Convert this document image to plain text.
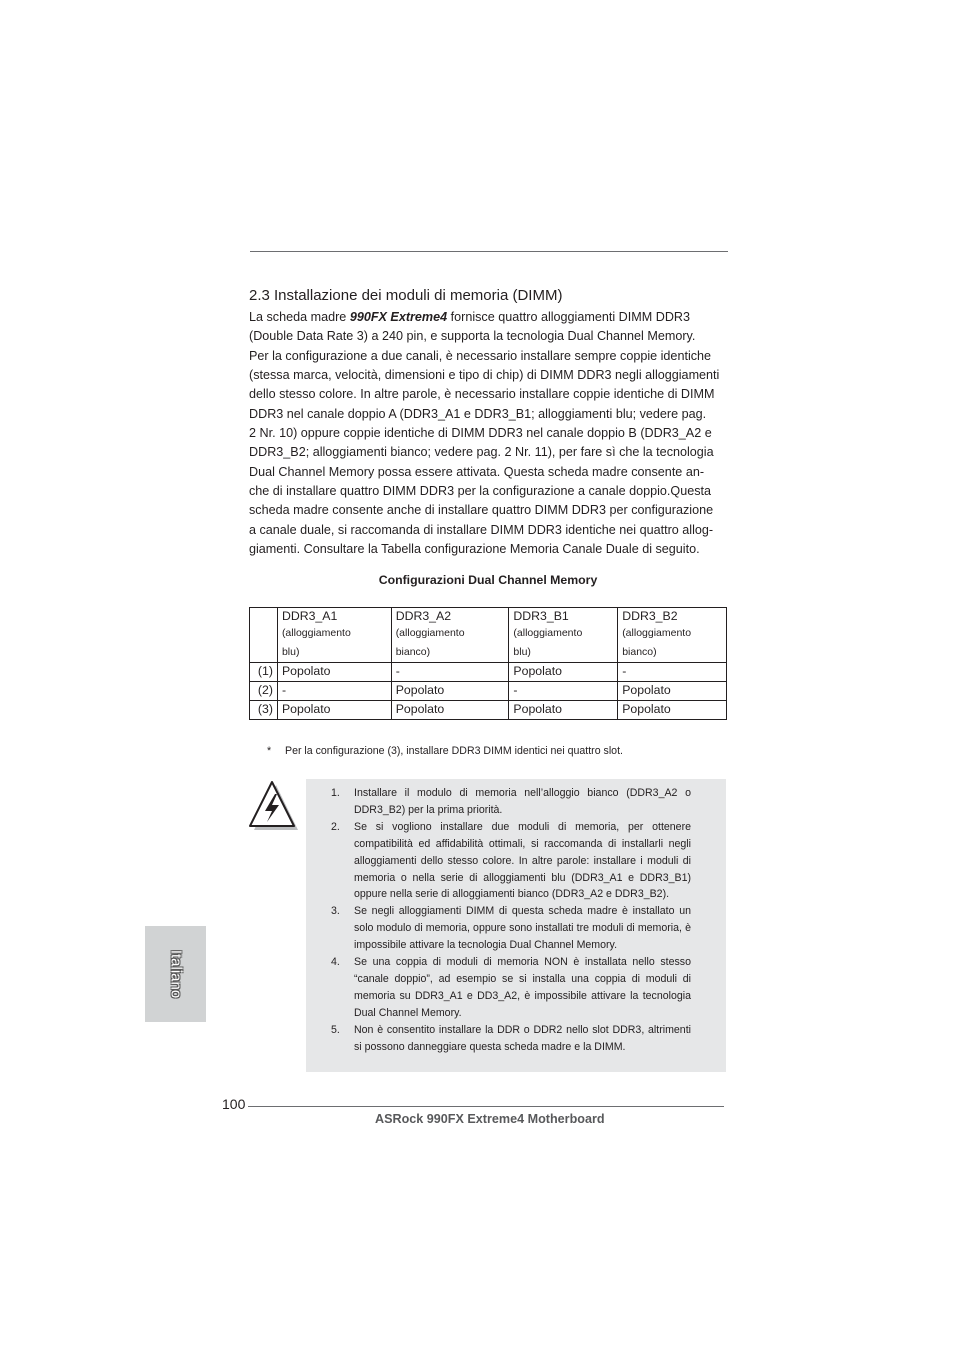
2.3 Installazione dei moduli di memoria (DIMM)
La scheda madre 990FX Extreme4 fornisce quattro alloggiamenti DIMM DDR3
(Double Data Rate 3) a 240 pin, e supporta la tecnologia Dual Channel Memory.
Per la configurazione a due canali, è necessario installare sempre coppie identiche
(stessa marca, velocità, dimensioni e tipo di chip) di DIMM DDR3 negli alloggiamenti
dello stesso colore. In altre parole, è necessario installare coppie identiche di DIMM
DDR3 nel canale doppio A (DDR3_A1 e DDR3_B1; alloggiamenti blu; vedere pag.
2 Nr. 10) oppure coppie identiche di DIMM DDR3 nel canale doppio B (DDR3_A2 e
DDR3_B2; alloggiamenti bianco; vedere pag. 2 Nr. 11), per fare sì che la tecnologia
Dual Channel Memory possa essere attivata. Questa scheda madre consente an-
che di installare quattro DIMM DDR3 per la configurazione a canale doppio.Questa
scheda madre consente anche di installare quattro DIMM DDR3 per configurazione
a canale duale, si raccomanda di installare DIMM DDR3 identiche nei quattro allog-
giamenti. Consultare la Tabella configurazione Memoria Canale Duale di seguito.
Configurazioni Dual Channel Memory
	DDR3_A1
(alloggiamento
blu)	DDR3_A2
(alloggiamento
bianco)	DDR3_B1
(alloggiamento
blu)	DDR3_B2
(alloggiamento
bianco)

(1)	Popolato	-	Popolato	-
(2)	-	Popolato	-	Popolato
(3)	Popolato	Popolato	Popolato	Popolato
* Per la configurazione (3), installare DDR3 DIMM identici nei quattro slot.
1. Installare il modulo di memoria nell’alloggio bianco (DDR3_A2 o DDR3_B2) per la prima priorità.
2. Se si vogliono installare due moduli di memoria, per ottenere compatibilità ed affidabilità ottimali, si raccomanda di installarli negli alloggiamenti dello stesso colore. In altre parole: installare i moduli di memoria o nella serie di alloggiamenti blu (DDR3_A1 e DDR3_B1) oppure nella serie di alloggiamenti bianco (DDR3_A2 e DDR3_B2).
3. Se negli alloggiamenti DIMM di questa scheda madre è installato un solo modulo di memoria, oppure sono installati tre moduli di memoria, è impossibile attivare la tecnologia Dual Channel Memory.
4. Se una coppia di moduli di memoria NON è installata nello stesso “canale doppio”, ad esempio se si installa una coppia di moduli di memoria su DDR3_A1 e DD3_A2, è impossibile attivare la tecnologia Dual Channel Memory.
5. Non è consentito installare la DDR o DDR2 nello slot DDR3, altrimenti si possono danneggiare questa scheda madre e la DIMM.
Italiano
100
ASRock 990FX Extreme4 Motherboard
